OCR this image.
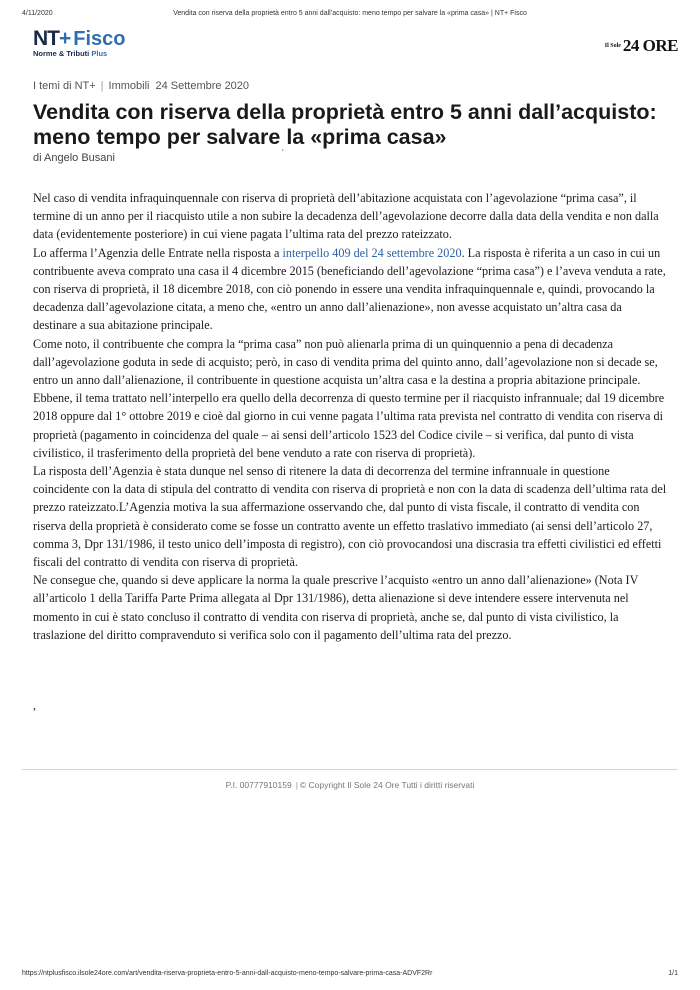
4/11/2020	Vendita con riserva della proprietà entro 5 anni dall’acquisto: meno tempo per salvare la «prima casa» | NT+ Fisco
NT+ Fisco
Norme & Tributi Plus
$^{Il Sole}$ 24 ORE
I temi di NT+ | Immobili 24 Settembre 2020
Vendita con riserva della proprietà entro 5 anni dall’acquisto: meno tempo per salvare la «prima casa»
di Angelo Busani	‘

Nel caso di vendita infraquinquennale con riserva di proprietà dell’abitazione acquistata con l’agevolazione “prima casa”, il termine di un anno per il riacquisto utile a non subire la decadenza dell’agevolazione decorre dalla data della vendita e non dalla data (evidentemente posteriore) in cui viene pagata l’ultima rata del prezzo rateizzato.

Lo afferma l’Agenzia delle Entrate nella risposta a interpello 409 del 24 settembre 2020. La risposta è riferita a un caso in cui un contribuente aveva comprato una casa il 4 dicembre 2015 (beneficiando dell’agevolazione “prima casa”) e l’aveva venduta a rate, con riserva di proprietà, il 18 dicembre 2018, con ciò ponendo in essere una vendita infraquinquennale e, quindi, provocando la decadenza dall’agevolazione citata, a meno che, «entro un anno dall’alienazione», non avesse acquistato un’altra casa da destinare a sua abitazione principale.

Come noto, il contribuente che compra la “prima casa” non può alienarla prima di un quinquennio a pena di decadenza dall’agevolazione goduta in sede di acquisto; però, in caso di vendita prima del quinto anno, dall’agevolazione non si decade se, entro un anno dall’alienazione, il contribuente in questione acquista un’altra casa e la destina a propria abitazione principale.

Ebbene, il tema trattato nell’interpello era quello della decorrenza di questo termine per il riacquisto infrannuale; dal 19 dicembre 2018 oppure dal 1° ottobre 2019 e cioè dal giorno in cui venne pagata l’ultima rata prevista nel contratto di vendita con riserva di proprietà (pagamento in coincidenza del quale – ai sensi dell’articolo 1523 del Codice civile – si verifica, dal punto di vista civilistico, il trasferimento della proprietà del bene venduto a rate con riserva di proprietà).

La risposta dell’Agenzia è stata dunque nel senso di ritenere la data di decorrenza del termine infrannuale in questione coincidente con la data di stipula del contratto di vendita con riserva di proprietà e non con la data di scadenza dell’ultima rata del prezzo rateizzato.L’Agenzia motiva la sua affermazione osservando che, dal punto di vista fiscale, il contratto di vendita con riserva della proprietà è considerato come se fosse un contratto avente un effetto traslativo immediato (ai sensi dell’articolo 27, comma 3, Dpr 131/1986, il testo unico dell’imposta di registro), con ciò provocandosi una discrasia tra effetti civilistici ed effetti fiscali del contratto di vendita con riserva di proprietà.

Ne consegue che, quando si deve applicare la norma la quale prescrive l’acquisto «entro un anno dall’alienazione» (Nota IV all’articolo 1 della Tariffa Parte Prima allegata al Dpr 131/1986), detta alienazione si deve intendere essere intervenuta nel momento in cui è stato concluso il contratto di vendita con riserva di proprietà, anche se, dal punto di vista civilistico, la traslazione del diritto compravenduto si verifica solo con il pagamento dell’ultima rata del prezzo.

,
P.I. 00777910159 | © Copyright Il Sole 24 Ore Tutti i diritti riservati
https://ntplusfisco.ilsole24ore.com/art/vendita-riserva-proprieta-entro-5-anni-dall-acquisto-meno-tempo-salvare-prima-casa-ADVF2Rr	1/1
